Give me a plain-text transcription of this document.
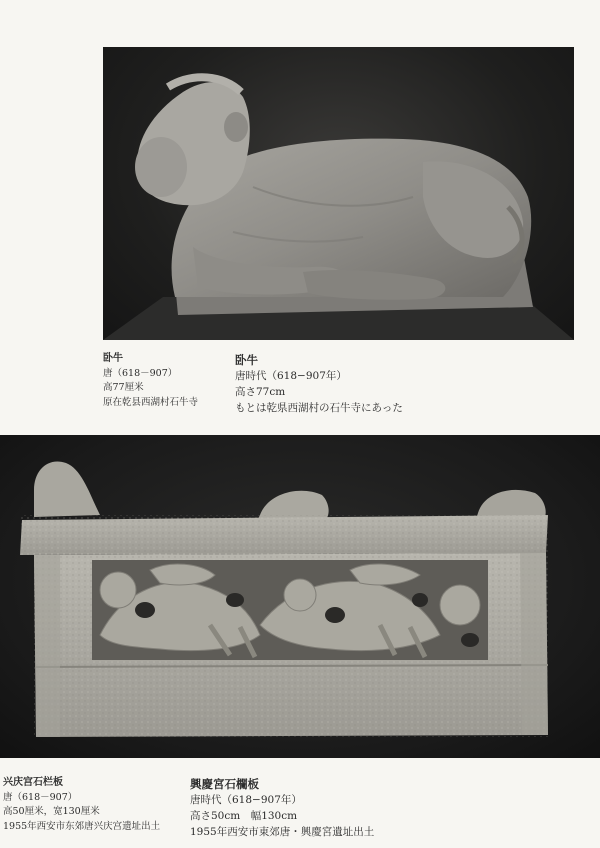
卧牛
唐（618－907）
高77厘米
原在乾县西湖村石牛寺
卧牛
唐時代（618−907年）
高さ77cm
もとは乾県西湖村の石牛寺にあった
兴庆宫石栏板
唐（618－907）
高50厘米，宽130厘米
1955年西安市东郊唐兴庆宫遗址出土
興慶宮石欄板
唐時代（618−907年）
高さ50cm　幅130cm
1955年西安市東郊唐・興慶宮遺址出土
